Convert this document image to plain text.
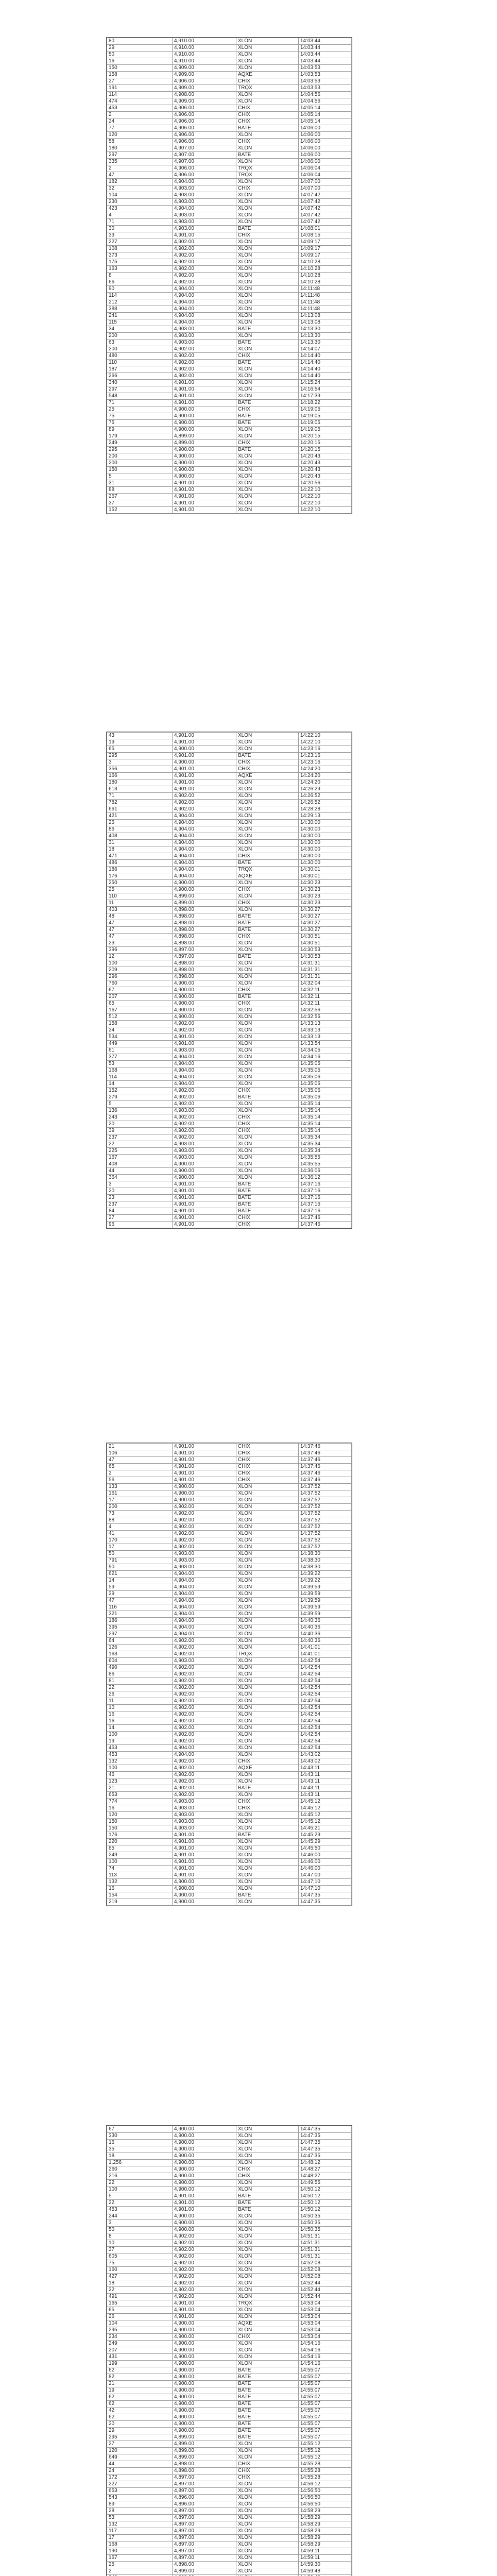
80	4,910.00	XLON	14:03:44
29	4,910.00	XLON	14:03:44
50	4,910.00	XLON	14:03:44
16	4,910.00	XLON	14:03:44
150	4,909.00	XLON	14:03:53
158	4,909.00	AQXE	14:03:53
27	4,906.00	CHIX	14:03:53
191	4,909.00	TRQX	14:03:53
114	4,908.00	XLON	14:04:56
474	4,909.00	XLON	14:04:56
453	4,906.00	CHIX	14:05:14
2	4,906.00	CHIX	14:05:14
24	4,906.00	CHIX	14:05:14
77	4,906.00	BATE	14:06:00
120	4,906.00	XLON	14:06:00
58	4,906.00	CHIX	14:06:00
180	4,907.00	XLON	14:06:00
297	4,907.00	BATE	14:06:00
335	4,907.00	XLON	14:06:00
2	4,906.00	TRQX	14:06:04
47	4,906.00	TRQX	14:06:04
182	4,904.00	XLON	14:07:00
32	4,903.00	CHIX	14:07:00
104	4,903.00	XLON	14:07:42
230	4,903.00	XLON	14:07:42
423	4,904.00	XLON	14:07:42
4	4,903.00	XLON	14:07:42
71	4,903.00	XLON	14:07:42
30	4,903.00	BATE	14:08:01
33	4,901.00	CHIX	14:08:15
227	4,902.00	XLON	14:09:17
108	4,902.00	XLON	14:09:17
373	4,902.00	XLON	14:09:17
175	4,902.00	XLON	14:10:28
163	4,902.00	XLON	14:10:28
8	4,902.00	XLON	14:10:28
66	4,902.00	XLON	14:10:28
90	4,904.00	XLON	14:11:48
114	4,904.00	XLON	14:11:48
212	4,904.00	XLON	14:11:48
388	4,904.00	XLON	14:11:48
241	4,904.00	XLON	14:13:08
115	4,904.00	XLON	14:13:08
34	4,903.00	BATE	14:13:30
200	4,903.00	XLON	14:13:30
63	4,903.00	BATE	14:13:30
200	4,902.00	XLON	14:14:07
480	4,902.00	CHIX	14:14:40
110	4,902.00	BATE	14:14:40
187	4,902.00	XLON	14:14:40
266	4,902.00	XLON	14:14:40
340	4,901.00	XLON	14:15:24
297	4,901.00	XLON	14:16:54
548	4,901.00	XLON	14:17:39
71	4,901.00	BATE	14:18:22
25	4,900.00	CHIX	14:19:05
75	4,900.00	BATE	14:19:05
75	4,900.00	BATE	14:19:05
89	4,900.00	XLON	14:19:05
179	4,899.00	XLON	14:20:15
249	4,899.00	CHIX	14:20:15
295	4,900.00	BATE	14:20:15
200	4,900.00	XLON	14:20:43
200	4,900.00	XLON	14:20:43
150	4,900.00	XLON	14:20:43
5	4,900.00	XLON	14:20:43
31	4,901.00	XLON	14:20:56
88	4,901.00	XLON	14:22:10
267	4,901.00	XLON	14:22:10
37	4,901.00	XLON	14:22:10
152	4,901.00	XLON	14:22:10
43	4,901.00	XLON	14:22:10
19	4,901.00	XLON	14:22:10
65	4,900.00	XLON	14:23:16
295	4,901.00	BATE	14:23:16
3	4,900.00	CHIX	14:23:16
356	4,901.00	CHIX	14:24:20
166	4,901.00	AQXE	14:24:20
180	4,901.00	XLON	14:24:20
613	4,901.00	XLON	14:26:29
71	4,902.00	XLON	14:26:52
782	4,902.00	XLON	14:26:52
661	4,902.00	XLON	14:28:28
421	4,904.00	XLON	14:29:13
26	4,904.00	XLON	14:30:00
86	4,904.00	XLON	14:30:00
408	4,904.00	XLON	14:30:00
31	4,904.00	XLON	14:30:00
18	4,904.00	XLON	14:30:00
471	4,904.00	CHIX	14:30:00
486	4,904.00	BATE	14:30:00
186	4,904.00	TRQX	14:30:01
176	4,904.00	AQXE	14:30:01
250	4,900.00	XLON	14:30:23
25	4,900.00	CHIX	14:30:23
110	4,899.00	XLON	14:30:23
11	4,899.00	CHIX	14:30:23
403	4,898.00	XLON	14:30:27
48	4,898.00	BATE	14:30:27
47	4,898.00	BATE	14:30:27
47	4,898.00	BATE	14:30:27
47	4,898.00	CHIX	14:30:51
23	4,898.00	XLON	14:30:51
396	4,897.00	XLON	14:30:53
12	4,897.00	BATE	14:30:53
100	4,898.00	XLON	14:31:31
209	4,898.00	XLON	14:31:31
296	4,898.00	XLON	14:31:31
760	4,900.00	XLON	14:32:04
67	4,900.00	CHIX	14:32:11
207	4,900.00	BATE	14:32:11
65	4,900.00	CHIX	14:32:11
167	4,900.00	XLON	14:32:56
512	4,900.00	XLON	14:32:56
158	4,902.00	XLON	14:33:13
24	4,902.00	XLON	14:33:13
534	4,901.00	XLON	14:33:13
449	4,901.00	XLON	14:33:54
61	4,903.00	XLON	14:34:05
377	4,904.00	XLON	14:34:16
53	4,904.00	XLON	14:35:05
168	4,904.00	XLON	14:35:05
114	4,904.00	XLON	14:35:06
14	4,904.00	XLON	14:35:06
152	4,902.00	CHIX	14:35:06
279	4,902.00	BATE	14:35:06
5	4,902.00	XLON	14:35:14
136	4,903.00	XLON	14:35:14
243	4,902.00	CHIX	14:35:14
20	4,902.00	CHIX	14:35:14
39	4,902.00	CHIX	14:35:14
237	4,902.00	XLON	14:35:34
22	4,903.00	XLON	14:35:34
225	4,903.00	XLON	14:35:34
167	4,903.00	XLON	14:35:55
408	4,900.00	XLON	14:35:55
44	4,900.00	XLON	14:36:06
364	4,900.00	XLON	14:36:12
3	4,901.00	BATE	14:37:16
20	4,901.00	BATE	14:37:16
23	4,901.00	BATE	14:37:16
237	4,901.00	BATE	14:37:16
84	4,901.00	BATE	14:37:16
27	4,901.00	CHIX	14:37:46
96	4,901.00	CHIX	14:37:46
21	4,901.00	CHIX	14:37:46
106	4,901.00	CHIX	14:37:46
47	4,901.00	CHIX	14:37:46
65	4,901.00	CHIX	14:37:46
2	4,901.00	CHIX	14:37:46
56	4,901.00	CHIX	14:37:46
133	4,900.00	XLON	14:37:52
161	4,900.00	XLON	14:37:52
17	4,900.00	XLON	14:37:52
200	4,902.00	XLON	14:37:52
73	4,902.00	XLON	14:37:52
88	4,902.00	XLON	14:37:52
4	4,902.00	XLON	14:37:52
41	4,902.00	XLON	14:37:52
170	4,902.00	XLON	14:37:52
17	4,902.00	XLON	14:37:52
50	4,903.00	XLON	14:38:30
791	4,903.00	XLON	14:38:30
90	4,903.00	XLON	14:38:30
621	4,904.00	XLON	14:39:22
14	4,904.00	XLON	14:39:22
59	4,904.00	XLON	14:39:59
29	4,904.00	XLON	14:39:59
47	4,904.00	XLON	14:39:59
116	4,904.00	XLON	14:39:59
321	4,904.00	XLON	14:39:59
186	4,904.00	XLON	14:40:36
395	4,904.00	XLON	14:40:36
297	4,904.00	XLON	14:40:36
64	4,902.00	XLON	14:40:36
126	4,902.00	XLON	14:41:01
163	4,902.00	TRQX	14:41:01
604	4,903.00	XLON	14:42:54
490	4,902.00	XLON	14:42:54
86	4,902.00	XLON	14:42:54
81	4,902.00	XLON	14:42:54
22	4,902.00	XLON	14:42:54
26	4,902.00	XLON	14:42:54
11	4,902.00	XLON	14:42:54
10	4,902.00	XLON	14:42:54
16	4,902.00	XLON	14:42:54
16	4,902.00	XLON	14:42:54
14	4,902.00	XLON	14:42:54
100	4,902.00	XLON	14:42:54
19	4,902.00	XLON	14:42:54
453	4,904.00	XLON	14:42:54
453	4,904.00	XLON	14:43:02
132	4,902.00	CHIX	14:43:02
100	4,902.00	AQXE	14:43:11
46	4,902.00	XLON	14:43:11
123	4,902.00	XLON	14:43:11
21	4,902.00	BATE	14:43:11
653	4,902.00	XLON	14:43:11
774	4,903.00	CHIX	14:45:12
16	4,903.00	CHIX	14:45:12
120	4,903.00	XLON	14:45:12
150	4,903.00	XLON	14:45:12
150	4,903.00	XLON	14:45:21
176	4,901.00	BATE	14:45:29
220	4,901.00	XLON	14:45:29
65	4,901.00	XLON	14:45:50
249	4,901.00	XLON	14:46:00
100	4,901.00	XLON	14:46:00
74	4,901.00	XLON	14:46:00
113	4,901.00	XLON	14:47:00
132	4,900.00	XLON	14:47:10
16	4,900.00	XLON	14:47:10
154	4,900.00	BATE	14:47:35
219	4,900.00	XLON	14:47:35
67	4,900.00	XLON	14:47:35
330	4,900.00	XLON	14:47:35
16	4,900.00	XLON	14:47:35
35	4,900.00	XLON	14:47:35
18	4,900.00	XLON	14:47:35
1,256	4,900.00	XLON	14:48:12
260	4,900.00	CHIX	14:48:27
216	4,900.00	CHIX	14:48:27
22	4,900.00	XLON	14:49:55
100	4,900.00	XLON	14:50:12
5	4,901.00	BATE	14:50:12
22	4,901.00	BATE	14:50:12
453	4,901.00	BATE	14:50:12
244	4,900.00	XLON	14:50:35
3	4,900.00	XLON	14:50:35
50	4,900.00	XLON	14:50:35
8	4,902.00	XLON	14:51:31
10	4,902.00	XLON	14:51:31
37	4,902.00	XLON	14:51:31
605	4,902.00	XLON	14:51:31
75	4,902.00	XLON	14:52:08
160	4,902.00	XLON	14:52:08
427	4,902.00	XLON	14:52:08
18	4,902.00	XLON	14:52:44
22	4,902.00	XLON	14:52:44
491	4,902.00	XLON	14:52:44
165	4,901.00	TRQX	14:53:04
65	4,901.00	XLON	14:53:04
26	4,901.00	XLON	14:53:04
104	4,900.00	AQXE	14:53:04
295	4,900.00	XLON	14:53:04
234	4,900.00	CHIX	14:53:04
249	4,900.00	XLON	14:54:16
207	4,900.00	XLON	14:54:16
431	4,900.00	XLON	14:54:16
199	4,900.00	XLON	14:54:16
62	4,900.00	BATE	14:55:07
82	4,900.00	BATE	14:55:07
21	4,900.00	BATE	14:55:07
19	4,900.00	BATE	14:55:07
62	4,900.00	BATE	14:55:07
62	4,900.00	BATE	14:55:07
42	4,900.00	BATE	14:55:07
62	4,900.00	BATE	14:55:07
20	4,900.00	BATE	14:55:07
29	4,900.00	BATE	14:55:07
295	4,899.00	BATE	14:55:07
27	4,899.00	XLON	14:55:12
120	4,899.00	XLON	14:55:12
649	4,899.00	XLON	14:55:12
44	4,898.00	CHIX	14:55:28
24	4,898.00	CHIX	14:55:28
172	4,897.00	CHIX	14:55:28
227	4,897.00	XLON	14:56:12
653	4,897.00	XLON	14:56:50
543	4,896.00	XLON	14:56:50
89	4,896.00	XLON	14:56:50
28	4,897.00	XLON	14:58:29
53	4,897.00	XLON	14:58:29
132	4,897.00	XLON	14:58:29
117	4,897.00	XLON	14:58:29
17	4,897.00	XLON	14:58:29
168	4,897.00	XLON	14:58:29
190	4,897.00	XLON	14:59:11
167	4,897.00	XLON	14:59:11
25	4,898.00	XLON	14:59:30
2	4,899.00	XLON	14:59:48
